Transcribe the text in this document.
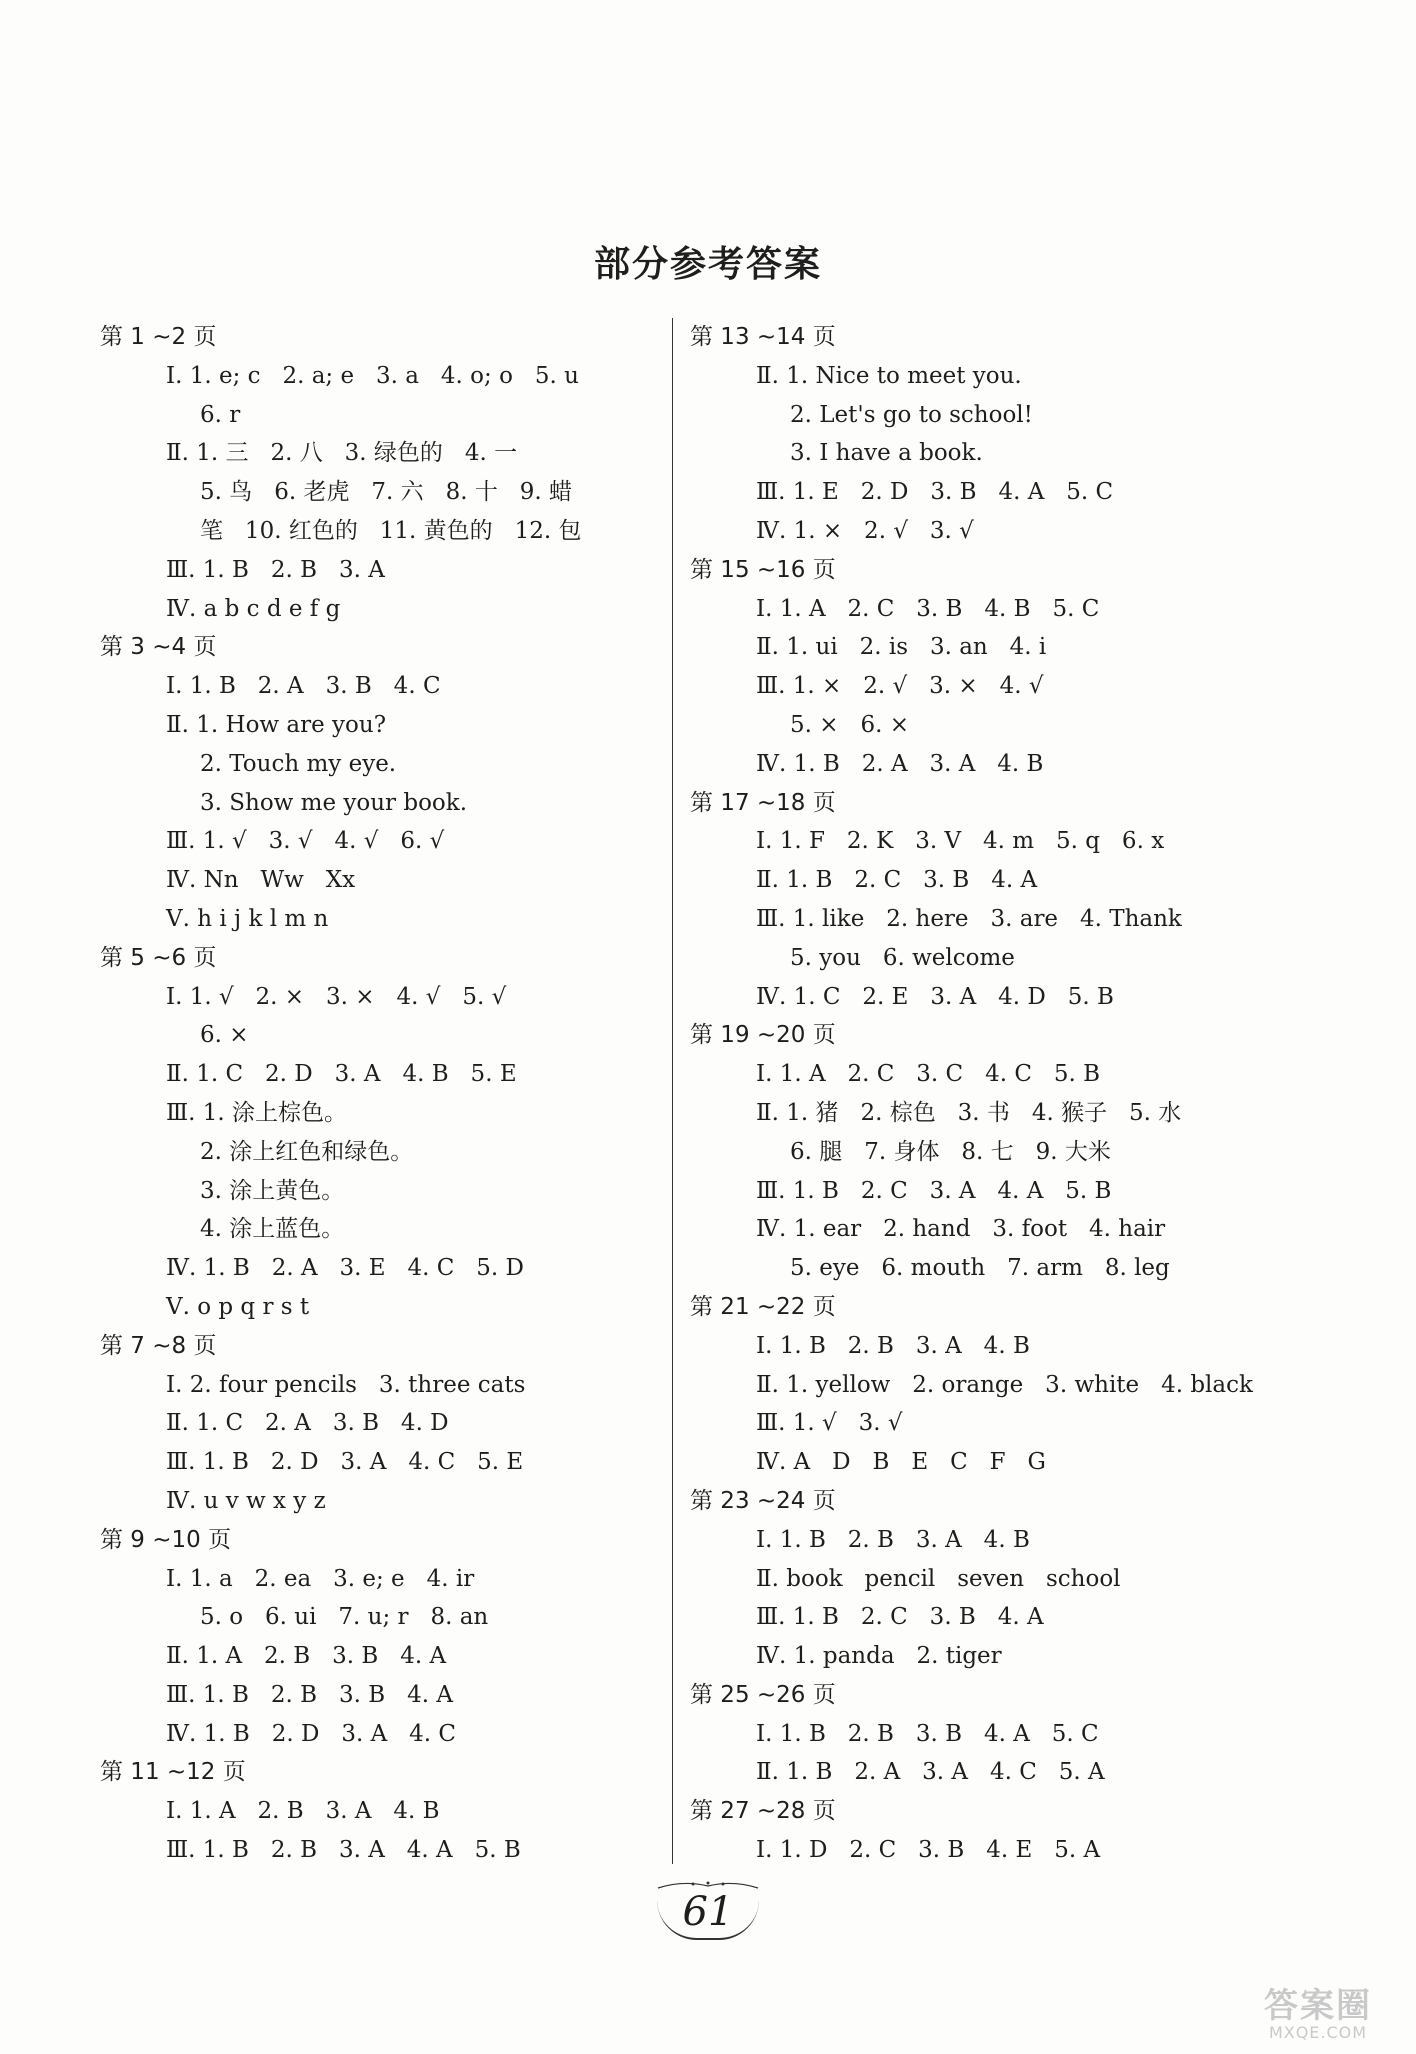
部分参考答案
第 1 ~2 页
Ⅰ. 1. e; c   2. a; e   3. a   4. o; o   5. u
6. r
Ⅱ. 1. 三   2. 八   3. 绿色的   4. 一
5. 鸟   6. 老虎   7. 六   8. 十   9. 蜡
笔   10. 红色的   11. 黄色的   12. 包
Ⅲ. 1. B   2. B   3. A
Ⅳ. a b c d e f g
第 3 ~4 页
Ⅰ. 1. B   2. A   3. B   4. C
Ⅱ. 1. How are you?
2. Touch my eye.
3. Show me your book.
Ⅲ. 1. √   3. √   4. √   6. √
Ⅳ. Nn   Ww   Xx
Ⅴ. h i j k l m n
第 5 ~6 页
Ⅰ. 1. √   2. ×   3. ×   4. √   5. √
6. ×
Ⅱ. 1. C   2. D   3. A   4. B   5. E
Ⅲ. 1. 涂上棕色。
2. 涂上红色和绿色。
3. 涂上黄色。
4. 涂上蓝色。
Ⅳ. 1. B   2. A   3. E   4. C   5. D
Ⅴ. o p q r s t
第 7 ~8 页
Ⅰ. 2. four pencils   3. three cats
Ⅱ. 1. C   2. A   3. B   4. D
Ⅲ. 1. B   2. D   3. A   4. C   5. E
Ⅳ. u v w x y z
第 9 ~10 页
Ⅰ. 1. a   2. ea   3. e; e   4. ir
5. o   6. ui   7. u; r   8. an
Ⅱ. 1. A   2. B   3. B   4. A
Ⅲ. 1. B   2. B   3. B   4. A
Ⅳ. 1. B   2. D   3. A   4. C
第 11 ~12 页
Ⅰ. 1. A   2. B   3. A   4. B
Ⅲ. 1. B   2. B   3. A   4. A   5. B
第 13 ~14 页
Ⅱ. 1. Nice to meet you.
2. Let's go to school!
3. I have a book.
Ⅲ. 1. E   2. D   3. B   4. A   5. C
Ⅳ. 1. ×   2. √   3. √
第 15 ~16 页
Ⅰ. 1. A   2. C   3. B   4. B   5. C
Ⅱ. 1. ui   2. is   3. an   4. i
Ⅲ. 1. ×   2. √   3. ×   4. √
5. ×   6. ×
Ⅳ. 1. B   2. A   3. A   4. B
第 17 ~18 页
Ⅰ. 1. F   2. K   3. V   4. m   5. q   6. x
Ⅱ. 1. B   2. C   3. B   4. A
Ⅲ. 1. like   2. here   3. are   4. Thank
5. you   6. welcome
Ⅳ. 1. C   2. E   3. A   4. D   5. B
第 19 ~20 页
Ⅰ. 1. A   2. C   3. C   4. C   5. B
Ⅱ. 1. 猪   2. 棕色   3. 书   4. 猴子   5. 水
6. 腿   7. 身体   8. 七   9. 大米
Ⅲ. 1. B   2. C   3. A   4. A   5. B
Ⅳ. 1. ear   2. hand   3. foot   4. hair
5. eye   6. mouth   7. arm   8. leg
第 21 ~22 页
Ⅰ. 1. B   2. B   3. A   4. B
Ⅱ. 1. yellow   2. orange   3. white   4. black
Ⅲ. 1. √   3. √
Ⅳ. A   D   B   E   C   F   G
第 23 ~24 页
Ⅰ. 1. B   2. B   3. A   4. B
Ⅱ. book   pencil   seven   school
Ⅲ. 1. B   2. C   3. B   4. A
Ⅳ. 1. panda   2. tiger
第 25 ~26 页
Ⅰ. 1. B   2. B   3. B   4. A   5. C
Ⅱ. 1. B   2. A   3. A   4. C   5. A
第 27 ~28 页
Ⅰ. 1. D   2. C   3. B   4. E   5. A
61
答案圈
MXQE.COM
